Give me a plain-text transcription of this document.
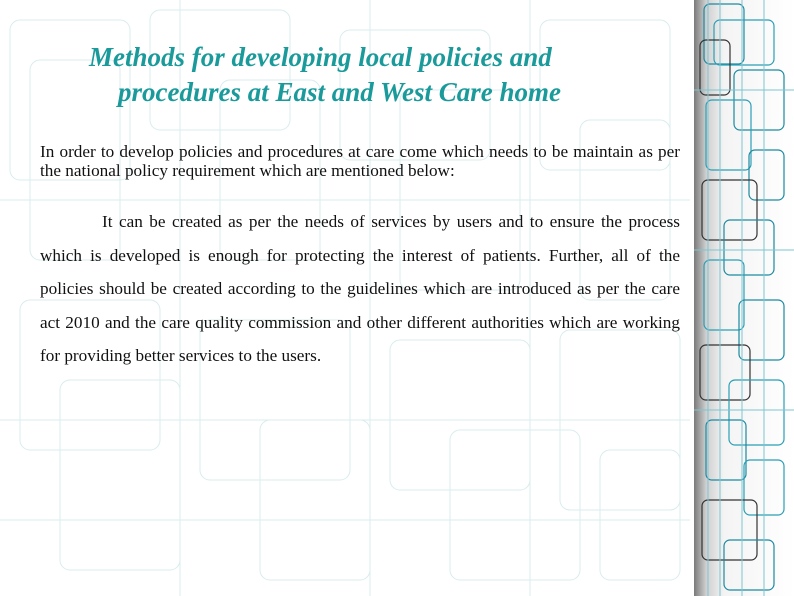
Methods for developing local policies and
procedures at East and West Care home

In order to develop policies and procedures at care come which needs to be maintain as per the national policy requirement which are mentioned below:

It can be created as per the needs of services by users and to ensure the process which is developed is enough for protecting the interest of patients. Further, all of the policies should be created according to the guidelines which are introduced as per the care act 2010 and the care quality commission and other different authorities which are working for providing better services to the users.
